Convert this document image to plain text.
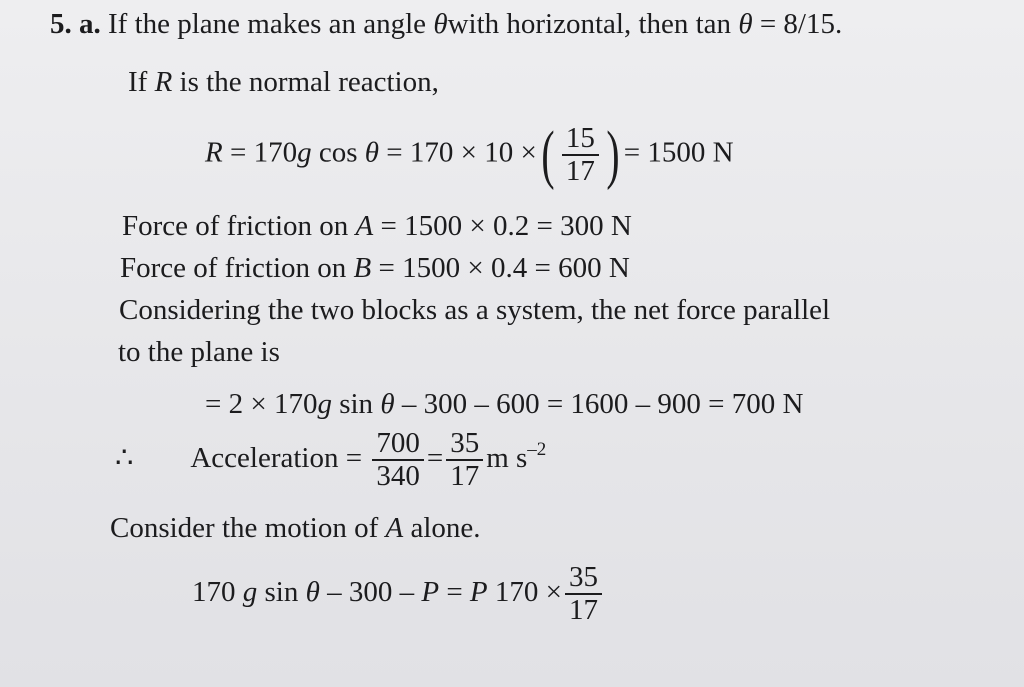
5. a. If the plane makes an angle θwith horizontal, then tan θ = 8/15.
If R is the normal reaction,
R = 170g cos θ = 170 × 10 ×( $\frac{15}{17}$ ) = 1500 N
Force of friction on A = 1500 × 0.2 = 300 N
Force of friction on B = 1500 × 0.4 = 600 N
Considering the two blocks as a system, the net force parallel
to the plane is
= 2 × 170g sin θ – 300 – 600 = 1600 – 900 = 700 N
∴ Acceleration = $\frac{700}{340} = \frac{35}{17}$ m $s^{-2}$
Consider the motion of A alone.
170 g sin θ – 300 – P = P $170 \times \frac{35}{17}$
